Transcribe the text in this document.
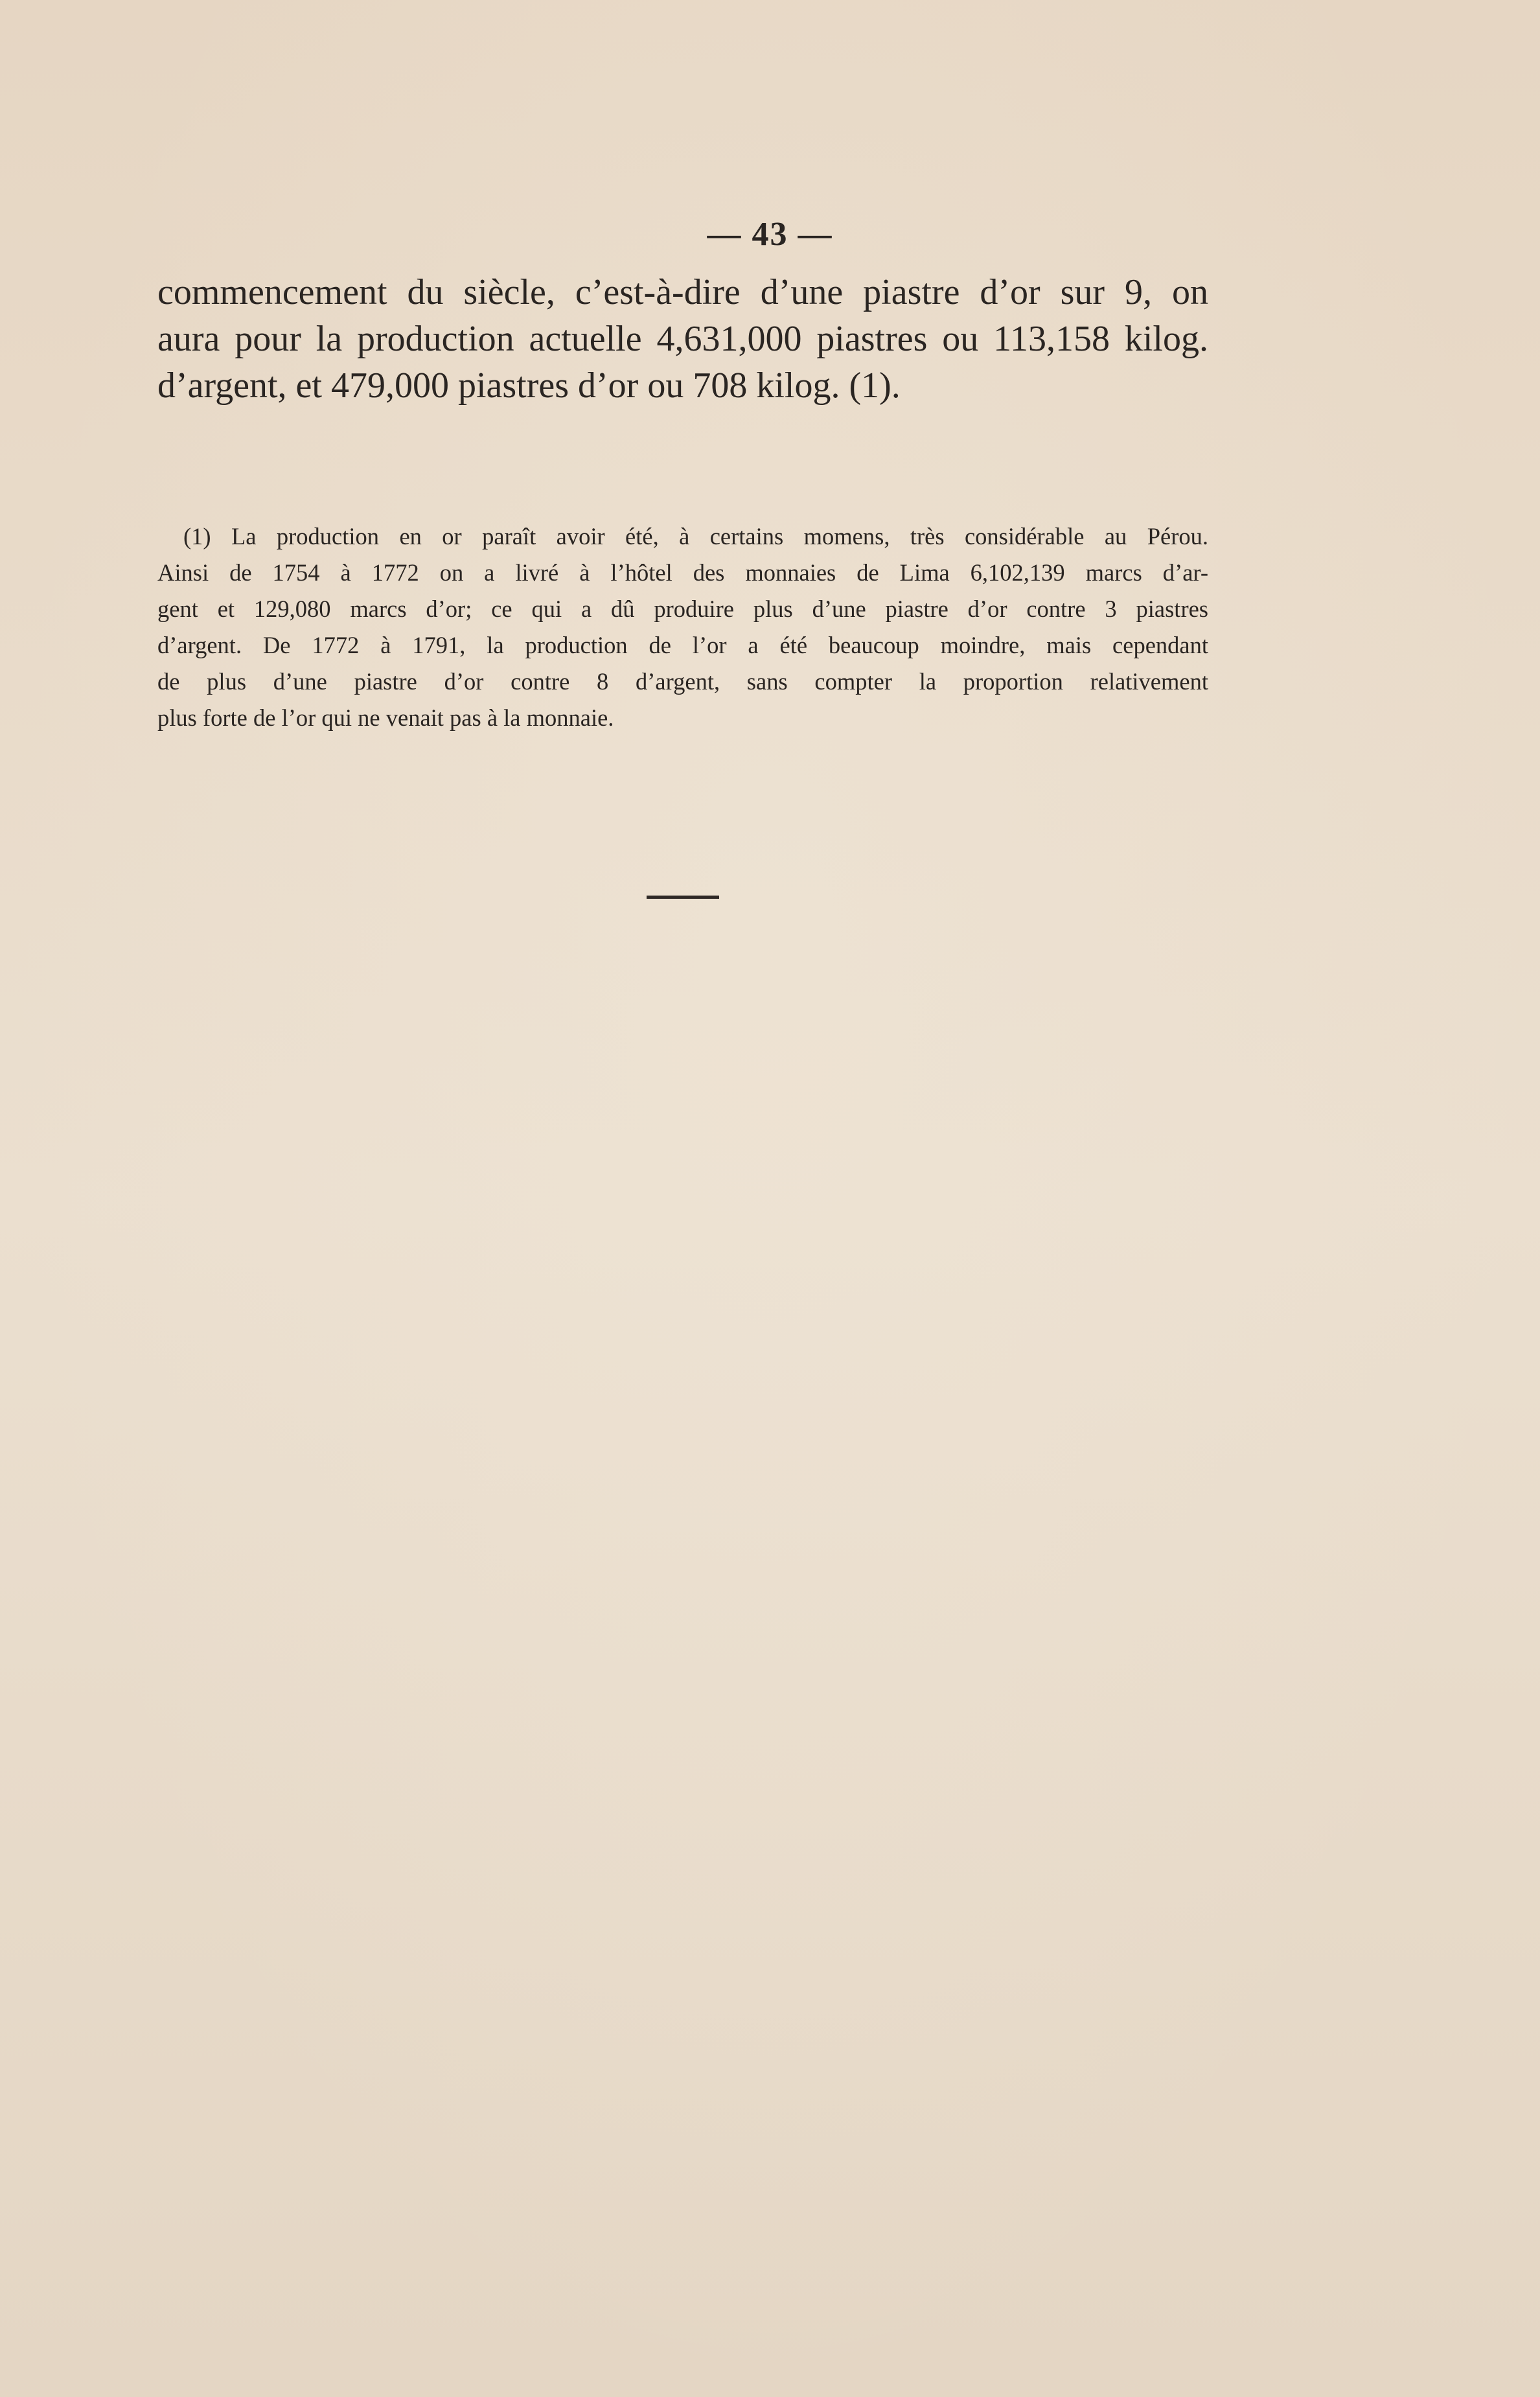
— 43 —
commencement du siècle, c’est-à-dire d’une piastre d’or sur 9, on
aura pour la production actuelle 4,631,000 piastres ou 113,158 kilog.
d’argent, et 479,000 piastres d’or ou 708 kilog. (1).
(1) La production en or paraît avoir été, à certains momens, très considérable au Pérou.
Ainsi de 1754 à 1772 on a livré à l’hôtel des monnaies de Lima 6,102,139 marcs d’ar-
gent et 129,080 marcs d’or; ce qui a dû produire plus d’une piastre d’or contre 3 piastres
d’argent. De 1772 à 1791, la production de l’or a été beaucoup moindre, mais cependant
de plus d’une piastre d’or contre 8 d’argent, sans compter la proportion relativement
plus forte de l’or qui ne venait pas à la monnaie.
